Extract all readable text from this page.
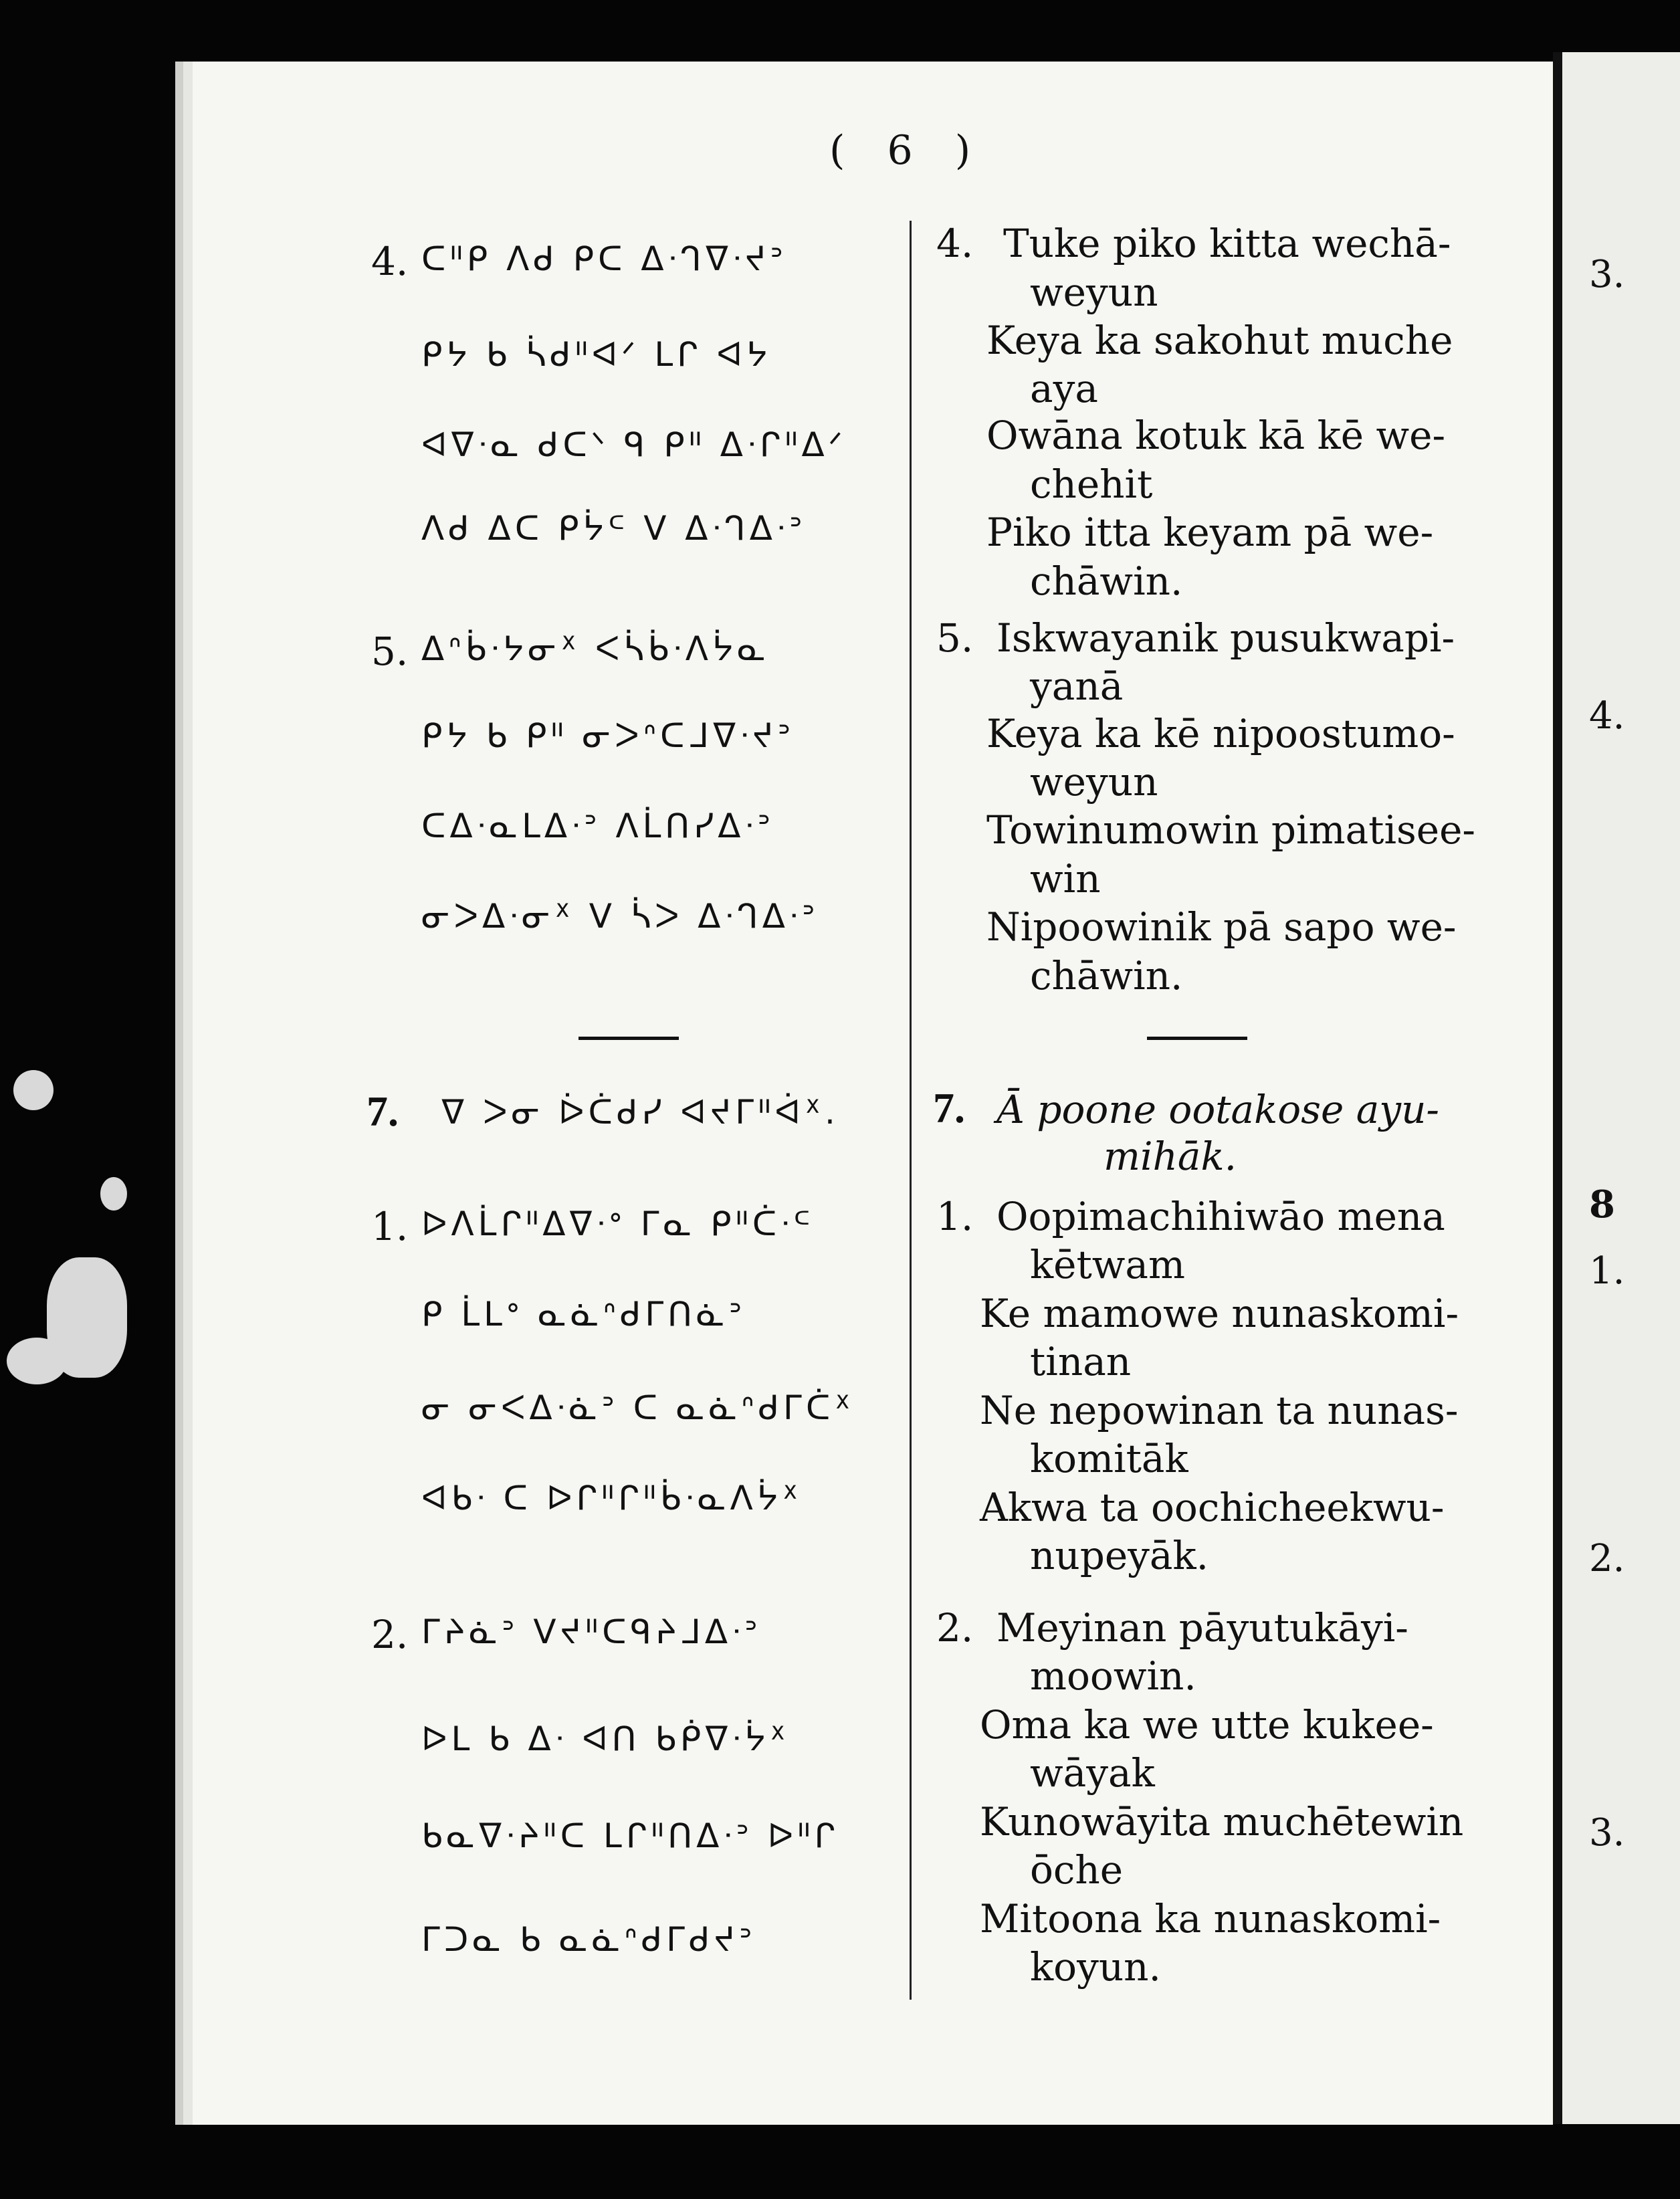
3.
4.
8
1.
2.
3.
( 6 )
4. ᑕᐦᑭ ᐱᑯ ᑭᑕ ᐃᐧᒉᐁᐧᔪᐣ
ᑭᔭ ᑲ ᓵᑯᐦᐊᐟ ᒪᒋ ᐊᔭ
ᐊᐁᐧᓇ ᑯᑕᐠ ᑫ ᑭᐦ ᐃᐧᒋᐦᐃᐟ
ᐱᑯ ᐃᑕ ᑭᔮᒼ ᐯ ᐃᐧᒉᐃᐧᐣ
5. ᐃᐢᑳᐧᔭᓂᕽ ᐸᓵᑳᐧᐱᔮᓇ
ᑭᔭ ᑲ ᑭᐦ ᓂᐳᐢᑕᒧᐁᐧᔪᐣ
ᑕᐃᐧᓇᒪᐃᐧᐣ ᐱᒫᑎᓯᐃᐧᐣ
ᓂᐳᐃᐧᓂᕽ ᐯ ᓵᐳ ᐃᐧᒉᐃᐧᐣ
7. ᐁ ᐳᓂ ᐆᑖᑯᓯ ᐊᔪᒥᐦᐋᕽ.
1. ᐅᐱᒫᒋᐦᐃᐁᐧᐤ ᒥᓇ ᑭᐦᑖᐧᒼ
ᑭ ᒫᒪᐤ ᓇᓈᐢᑯᒥᑎᓈᐣ
ᓂ ᓂᐸᐃᐧᓈᐣ ᑕ ᓇᓈᐢᑯᒥᑖᕽ
ᐊᑲᐧ ᑕ ᐅᒋᐦᒋᐦᑳᐧᓇᐱᔮᕽ
2. ᒥᔨᓈᐣ ᐯᔪᐦᑕᑫᔨᒧᐃᐧᐣ
ᐅᒪ ᑲ ᐃᐧ ᐊᑎ ᑲᑮᐁᐧᔮᕽ
ᑲᓇᐁᐧᔨᐦᑕ ᒪᒋᐦᑎᐃᐧᐣ ᐅᐦᒋ
ᒥᑐᓇ ᑲ ᓇᓈᐢᑯᒥᑯᔪᐣ
4. Tuke piko kitta wechā-
weyun
Keya ka sakohut muche
aya
Owāna kotuk kā kē we-
chehit
Piko itta keyam pā we-
chāwin.
5. Iskwayanik pusukwapi-
yanā
Keya ka kē nipoostumo-
weyun
Towinumowin pimatisee-
win
Nipoowinik pā sapo we-
chāwin.
7. Ā poone ootakose ayu-
mihāk.
1. Oopimachihiwāo mena
kētwam
Ke mamowe nunaskomi-
tinan
Ne nepowinan ta nunas-
komitāk
Akwa ta oochicheekwu-
nupeyāk.
2. Meyinan pāyutukāyi-
moowin.
Oma ka we utte kukee-
wāyak
Kunowāyita muchētewin
ōche
Mitoona ka nunaskomi-
koyun.
